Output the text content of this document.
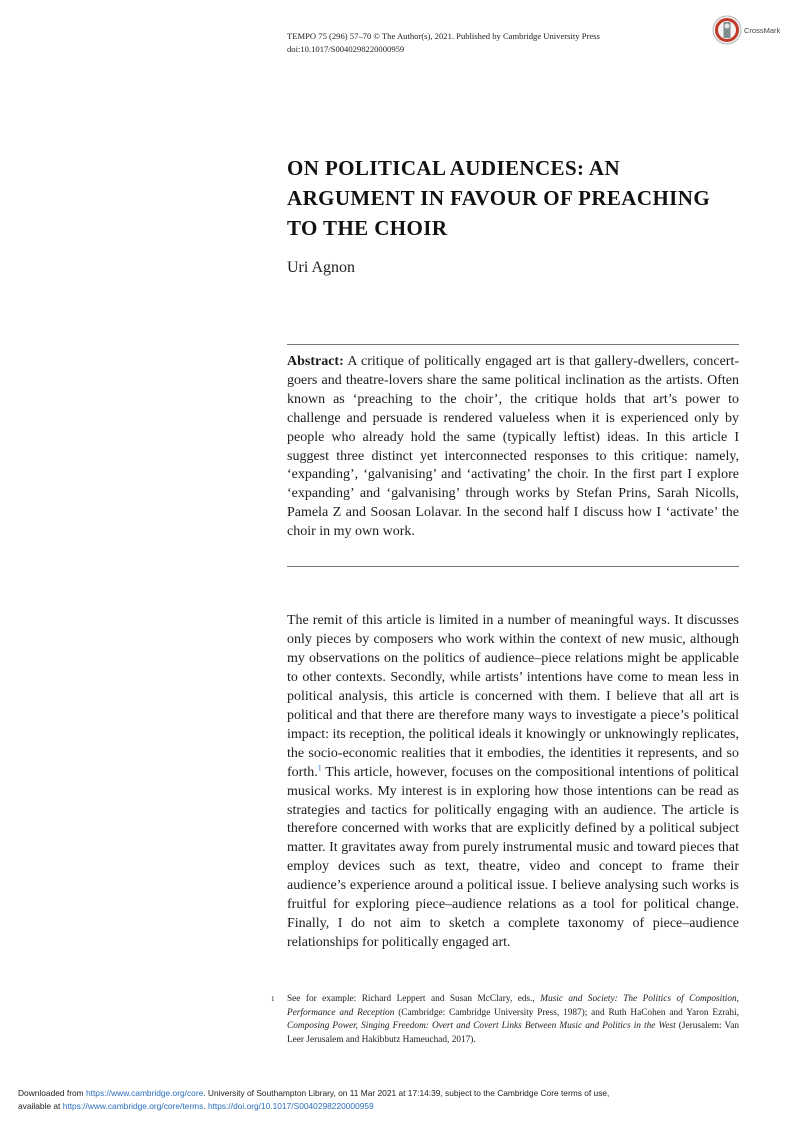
TEMPO 75 (296) 57–70 © The Author(s), 2021. Published by Cambridge University Press
doi:10.1017/S0040298220000959
CrossMark
ON POLITICAL AUDIENCES: AN
ARGUMENT IN FAVOUR OF PREACHING
TO THE CHOIR
Uri Agnon

Abstract: A critique of politically engaged art is that gallery-dwellers, concert-goers and theatre-lovers share the same political inclination as the artists. Often known as ‘preaching to the choir’, the critique holds that art’s power to challenge and persuade is rendered valueless when it is experienced only by people who already hold the same (typically leftist) ideas. In this article I suggest three distinct yet interconnected responses to this critique: namely, ‘expanding’, ‘galvanising’ and ‘activating’ the choir. In the first part I explore ‘expanding’ and ‘galvanising’ through works by Stefan Prins, Sarah Nicolls, Pamela Z and Soosan Lolavar. In the second half I discuss how I ‘activate’ the choir in my own work.

The remit of this article is limited in a number of meaningful ways. It discusses only pieces by composers who work within the context of new music, although my observations on the politics of audience–piece relations might be applicable to other contexts. Secondly, while artists’ intentions have come to mean less in political analysis, this article is concerned with them. I believe that all art is political and that there are therefore many ways to investigate a piece’s political impact: its reception, the political ideals it knowingly or unknowingly replicates, the socio-economic realities that it embodies, the identities it represents, and so forth.$^1$ This article, however, focuses on the compositional intentions of political musical works. My interest is in exploring how those intentions can be read as strategies and tactics for politically engaging with an audience. The article is therefore concerned with works that are explicitly defined by a political subject matter. It gravitates away from purely instrumental music and toward pieces that employ devices such as text, theatre, video and concept to frame their audience’s experience around a political issue. I believe analysing such works is fruitful for exploring piece–audience relations as a tool for political change. Finally, I do not aim to sketch a complete taxonomy of piece–audience relationships for politically engaged art.

1 See for example: Richard Leppert and Susan McClary, eds., Music and Society: The Politics of Composition, Performance and Reception (Cambridge: Cambridge University Press, 1987); and Ruth HaCohen and Yaron Ezrahi, Composing Power, Singing Freedom: Overt and Covert Links Between Music and Politics in the West (Jerusalem: Van Leer Jerusalem and Hakibbutz Hameuchad, 2017).
Downloaded from https://www.cambridge.org/core. University of Southampton Library, on 11 Mar 2021 at 17:14:39, subject to the Cambridge Core terms of use,
available at https://www.cambridge.org/core/terms. https://doi.org/10.1017/S0040298220000959
